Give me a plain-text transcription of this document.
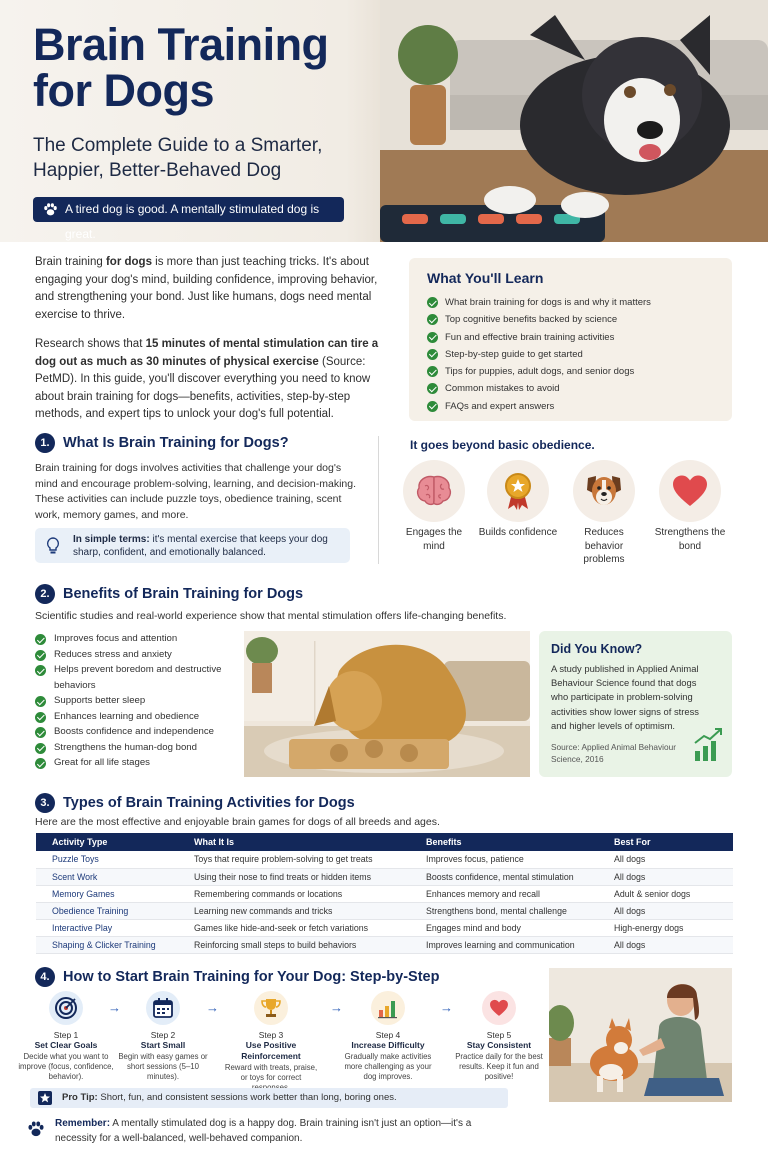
Brain Training
for Dogs
The Complete Guide to a Smarter, Happier, Better-Behaved Dog
A tired dog is good. A mentally stimulated dog is great.

Brain training for dogs is more than just teaching tricks. It's about engaging your dog's mind, building confidence, improving behavior, and strengthening your bond. Just like humans, dogs need mental exercise to thrive.

Research shows that 15 minutes of mental stimulation can tire a dog out as much as 30 minutes of physical exercise (Source: PetMD). In this guide, you'll discover everything you need to know about brain training for dogs—benefits, activities, step-by-step methods, and expert tips to unlock your dog's full potential.

What You'll Learn
What brain training for dogs is and why it matters
Top cognitive benefits backed by science
Fun and effective brain training activities
Step-by-step guide to get started
Tips for puppies, adult dogs, and senior dogs
Common mistakes to avoid
FAQs and expert answers
1. What Is Brain Training for Dogs?
Brain training for dogs involves activities that challenge your dog's mind and encourage problem-solving, learning, and decision-making. These activities can include puzzle toys, obedience training, scent work, memory games, and more.
In simple terms: it's mental exercise that keeps your dog sharp, confident, and emotionally balanced.
It goes beyond basic obedience.
Engages the mind
Builds confidence	Reduces behavior problems
Strengthens the bond
2. Benefits of Brain Training for Dogs
Scientific studies and real-world experience show that mental stimulation offers life-changing benefits.
Improves focus and attention
Reduces stress and anxiety
Helps prevent boredom and destructive behaviors
Supports better sleep
Enhances learning and obedience
Boosts confidence and independence
Strengthens the human-dog bond
Great for all life stages
Did You Know?
A study published in Applied Animal Behaviour Science found that dogs who participate in problem-solving activities show lower signs of stress and higher levels of optimism.
Source: Applied Animal Behaviour Science, 2016
3. Types of Brain Training Activities for Dogs
Here are the most effective and enjoyable brain games for dogs of all breeds and ages.
Activity Type	What It Is	Benefits	Best For
Puzzle Toys	Toys that require problem-solving to get treats	Improves focus, patience	All dogs
Scent Work	Using their nose to find treats or hidden items	Boosts confidence, mental stimulation	All dogs
Memory Games	Remembering commands or locations	Enhances memory and recall	Adult & senior dogs
Obedience Training	Learning new commands and tricks	Strengthens bond, mental challenge	All dogs
Interactive Play	Games like hide-and-seek or fetch variations	Engages mind and body	High-energy dogs
Shaping & Clicker Training	Reinforcing small steps to build behaviors	Improves learning and communication	All dogs
4. How to Start Brain Training for Your Dog: Step-by-Step
Step 1
Set Clear Goals
Decide what you want to improve (focus, confidence, behavior).
→
Step 2
Start Small
Begin with easy games or short sessions (5–10 minutes).
→
Step 3
Use Positive Reinforcement
Reward with treats, praise, or toys for correct
→
Step 4
Increase Difficulty
Gradually make activities more challenging as your dog improves.
→
Step 5
Stay Consistent
Practice daily for the best results. Keep it fun and positive!
Pro Tip: Short, fun, and consistent sessions work better than long, boring ones.
Remember: A mentally stimulated dog is a happy dog. Brain training isn't just an option—it's a necessity for a well-balanced, well-behaved companion.
